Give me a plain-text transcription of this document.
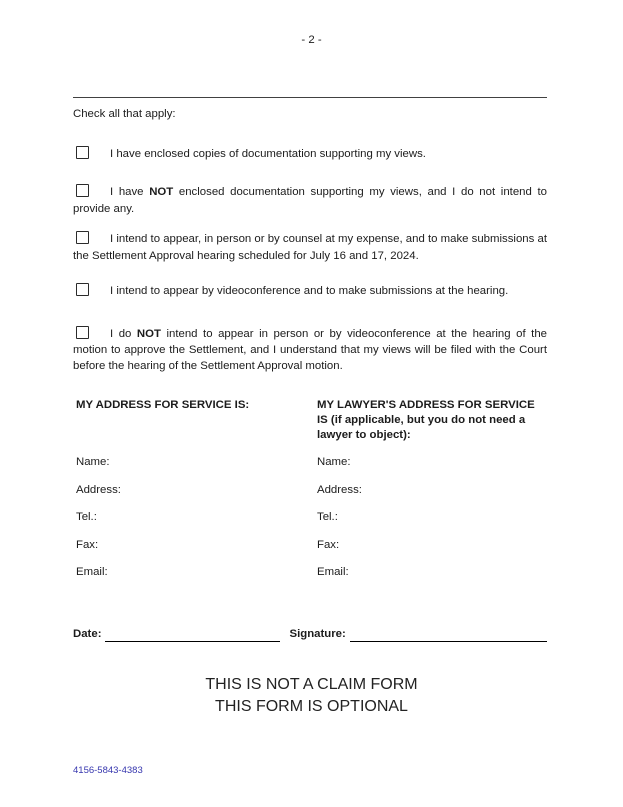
- 2 -
Check all that apply:

I have enclosed copies of documentation supporting my views.

I have NOT enclosed documentation supporting my views, and I do not intend to provide any.

I intend to appear, in person or by counsel at my expense, and to make submissions at the Settlement Approval hearing scheduled for July 16 and 17, 2024.

I intend to appear by videoconference and to make submissions at the hearing.

I do NOT intend to appear in person or by videoconference at the hearing of the motion to approve the Settlement, and I understand that my views will be filed with the Court before the hearing of the Settlement Approval motion.

MY ADDRESS FOR SERVICE IS:	MY LAWYER'S ADDRESS FOR SERVICE IS (if applicable, but you do not need a lawyer to object):
Name:	Name:
Address:	Address:
Tel.:	Tel.:
Fax:	Fax:
Email:	Email:
Date:	Signature:
THIS IS NOT A CLAIM FORM
THIS FORM IS OPTIONAL
4156-5843-4383
